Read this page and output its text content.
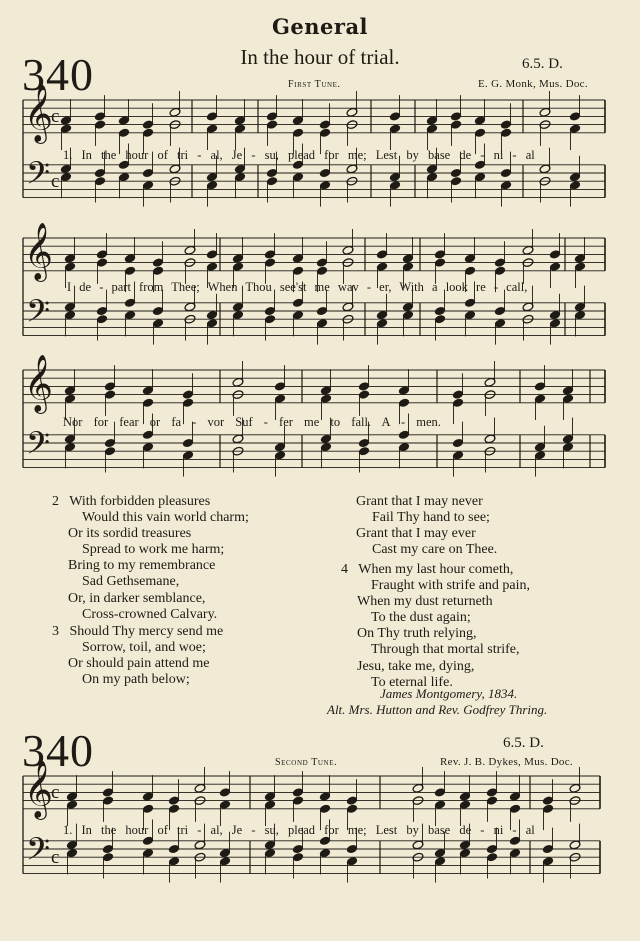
General
340	In the hour of trial.	6.5. D.
First Tune.	E. G. Monk, Mus. Doc.
𝄞
𝄢
c
c
𝄞
𝄢
𝄞
𝄢
𝄞
𝄢
c
c
1. In the hour of tri - al, Je - su, plead for me; Lest by base de - ni - al
I de - part from Thee; When Thou see'st me wav - er, With a look re - call,
Nor for fear or fa - vor Suf - fer me to fall. A - men.
2 With forbidden pleasures
Would this vain world charm;
Or its sordid treasures
Spread to work me harm;
Bring to my remembrance
Sad Gethsemane,
Or, in darker semblance,
Cross-crowned Calvary.
3 Should Thy mercy send me
Sorrow, toil, and woe;
Or should pain attend me
On my path below;
Grant that I may never
Fail Thy hand to see;
Grant that I may ever
Cast my care on Thee.
4 When my last hour cometh,
Fraught with strife and pain,
When my dust returneth
To the dust again;
On Thy truth relying,
Through that mortal strife,
Jesu, take me, dying,
To eternal life.
James Montgomery, 1834.
Alt. Mrs. Hutton and Rev. Godfrey Thring.
340	6.5. D.
Second Tune.	Rev. J. B. Dykes, Mus. Doc.
1. In the hour of tri - al, Je - su, plead for me; Lest by base de - ni - al
